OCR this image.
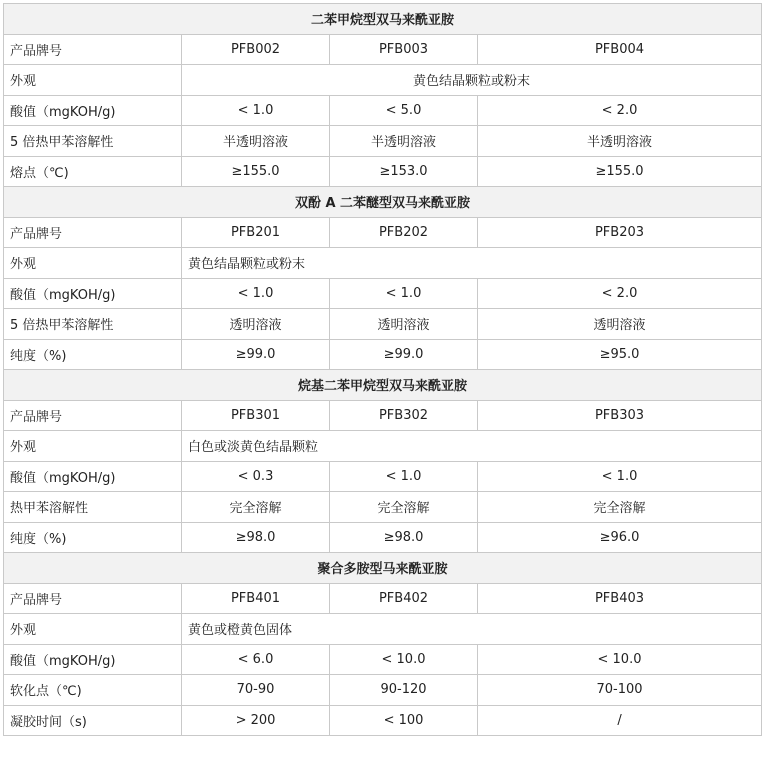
二苯甲烷型双马来酰亚胺			
产品牌号	PFB002	PFB003	PFB004
外观	黄色结晶颗粒或粉末		
酸值（mgKOH/g)	< 1.0	< 5.0	< 2.0
5 倍热甲苯溶解性	半透明溶液	半透明溶液	半透明溶液
熔点（℃)	≥155.0	≥153.0	≥155.0
双酚 A 二苯醚型双马来酰亚胺			
产品牌号	PFB201	PFB202	PFB203
外观	黄色结晶颗粒或粉末		
酸值（mgKOH/g)	< 1.0	< 1.0	< 2.0
5 倍热甲苯溶解性	透明溶液	透明溶液	透明溶液
纯度（%)	≥99.0	≥99.0	≥95.0
烷基二苯甲烷型双马来酰亚胺			
产品牌号	PFB301	PFB302	PFB303
外观	白色或淡黄色结晶颗粒		
酸值（mgKOH/g)	< 0.3	< 1.0	< 1.0
热甲苯溶解性	完全溶解	完全溶解	完全溶解
纯度（%)	≥98.0	≥98.0	≥96.0
聚合多胺型马来酰亚胺			
产品牌号	PFB401	PFB402	PFB403
外观	黄色或橙黄色固体		
酸值（mgKOH/g)	< 6.0	< 10.0	< 10.0
软化点（℃)	70-90	90-120	70-100
凝胶时间（s)	> 200	< 100	/
